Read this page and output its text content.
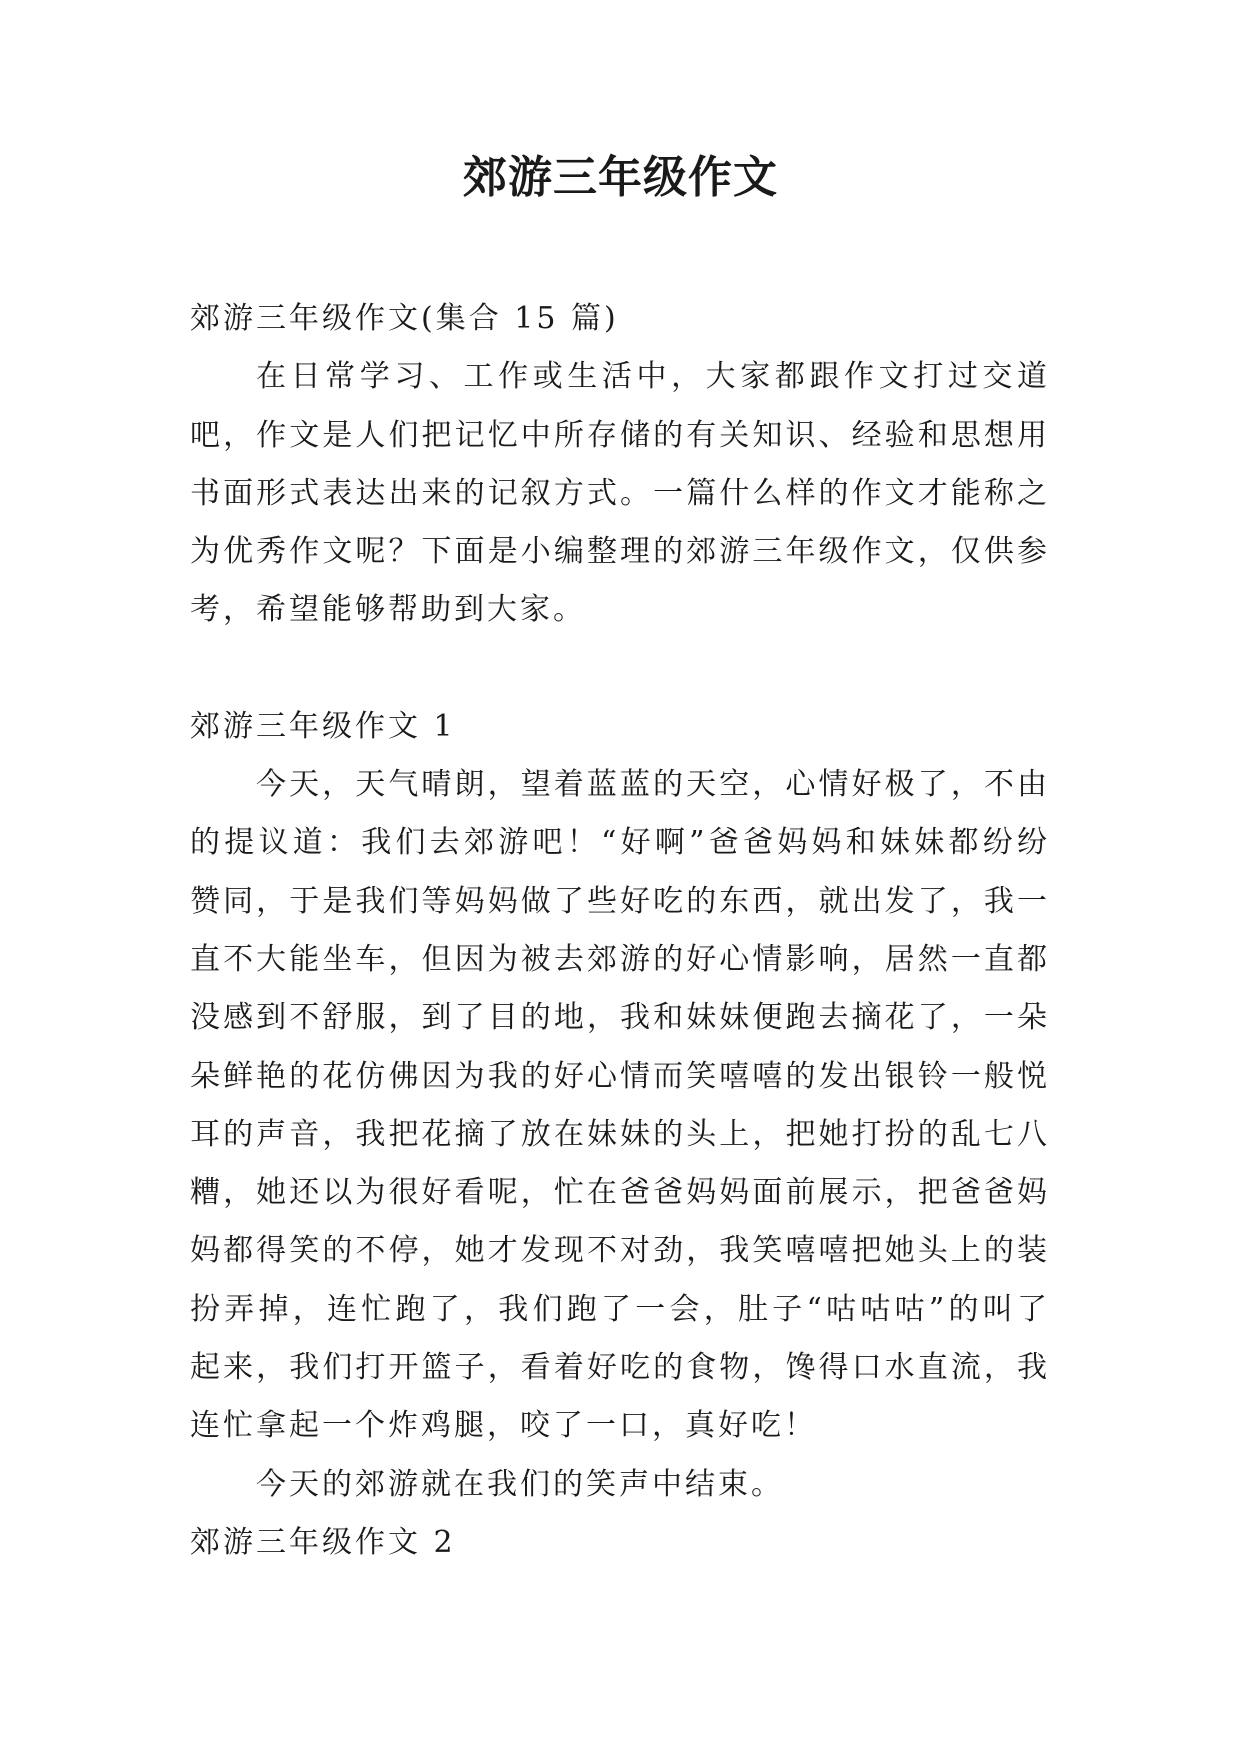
郊游三年级作文

郊游三年级作文(集合 15 篇)

在日常学习、工作或生活中，大家都跟作文打过交道吧，作文是人们把记忆中所存储的有关知识、经验和思想用书面形式表达出来的记叙方式。一篇什么样的作文才能称之为优秀作文呢？下面是小编整理的郊游三年级作文，仅供参考，希望能够帮助到大家。

郊游三年级作文 1

今天，天气晴朗，望着蓝蓝的天空，心情好极了，不由的提议道：我们去郊游吧！“好啊”爸爸妈妈和妹妹都纷纷赞同，于是我们等妈妈做了些好吃的东西，就出发了，我一直不大能坐车，但因为被去郊游的好心情影响，居然一直都没感到不舒服，到了目的地，我和妹妹便跑去摘花了，一朵朵鲜艳的花仿佛因为我的好心情而笑嘻嘻的发出银铃一般悦耳的声音，我把花摘了放在妹妹的头上，把她打扮的乱七八糟，她还以为很好看呢，忙在爸爸妈妈面前展示，把爸爸妈妈都得笑的不停，她才发现不对劲，我笑嘻嘻把她头上的装扮弄掉，连忙跑了，我们跑了一会，肚子“咕咕咕”的叫了起来，我们打开篮子，看着好吃的食物，馋得口水直流，我连忙拿起一个炸鸡腿，咬了一口，真好吃！

今天的郊游就在我们的笑声中结束。

郊游三年级作文 2
